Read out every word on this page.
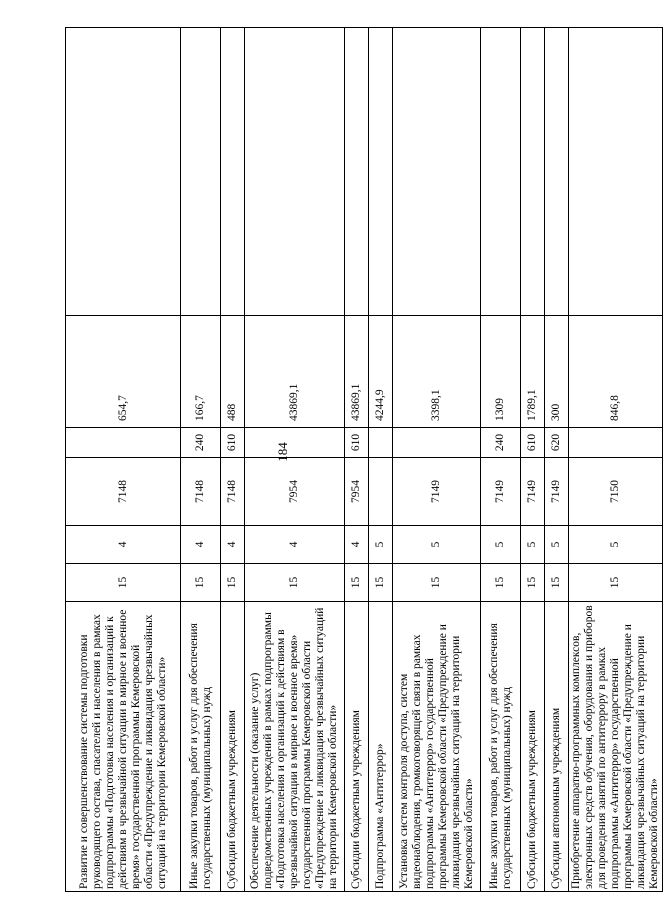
184
Развитие и совершенствование системы подготовки руководящего состава, спасателей и населения в рамках подпрограммы «Подготовка населения и организаций к действиям в чрезвычайной ситуации в мирное и военное время» государственной программы Кемеровской области «Предупреждение и ликвидация чрезвычайных ситуаций на территории Кемеровской области»	15	4	7148		654,7	
Иные закупки товаров, работ и услуг для обеспечения государственных (муниципальных) нужд	15	4	7148	240	166,7	
Субсидии бюджетным учреждениям	15	4	7148	610	488	
Обеспечение деятельности (оказание услуг) подведомственных учреждений в рамках подпрограммы «Подготовка населения и организаций к действиям в чрезвычайной ситуации в мирное и военное время» государственной программы Кемеровской области «Предупреждение и ликвидация чрезвычайных ситуаций на территории Кемеровской области»	15	4	7954		43869,1	
Субсидии бюджетным учреждениям	15	4	7954	610	43869,1	
Подпрограмма «Антитеррор»	15	5			4244,9	
Установка систем контроля доступа, систем видеонаблюдения, громкоговорящей связи в рамках подпрограммы «Антитеррор» государственной программы Кемеровской области «Предупреждение и ликвидация чрезвычайных ситуаций на территории Кемеровской области»	15	5	7149		3398,1	
Иные закупки товаров, работ и услуг для обеспечения государственных (муниципальных) нужд	15	5	7149	240	1309	
Субсидии бюджетным учреждениям	15	5	7149	610	1789,1	
Субсидии автономным учреждениям	15	5	7149	620	300	
Приобретение аппаратно-программных комплексов, электронных средств обучения, оборудования и приборов для проведения занятий по антитеррору в рамках подпрограммы «Антитеррор» государственной программы Кемеровской области «Предупреждение и ликвидация чрезвычайных ситуаций на территории Кемеровской области»	15	5	7150		846,8	
